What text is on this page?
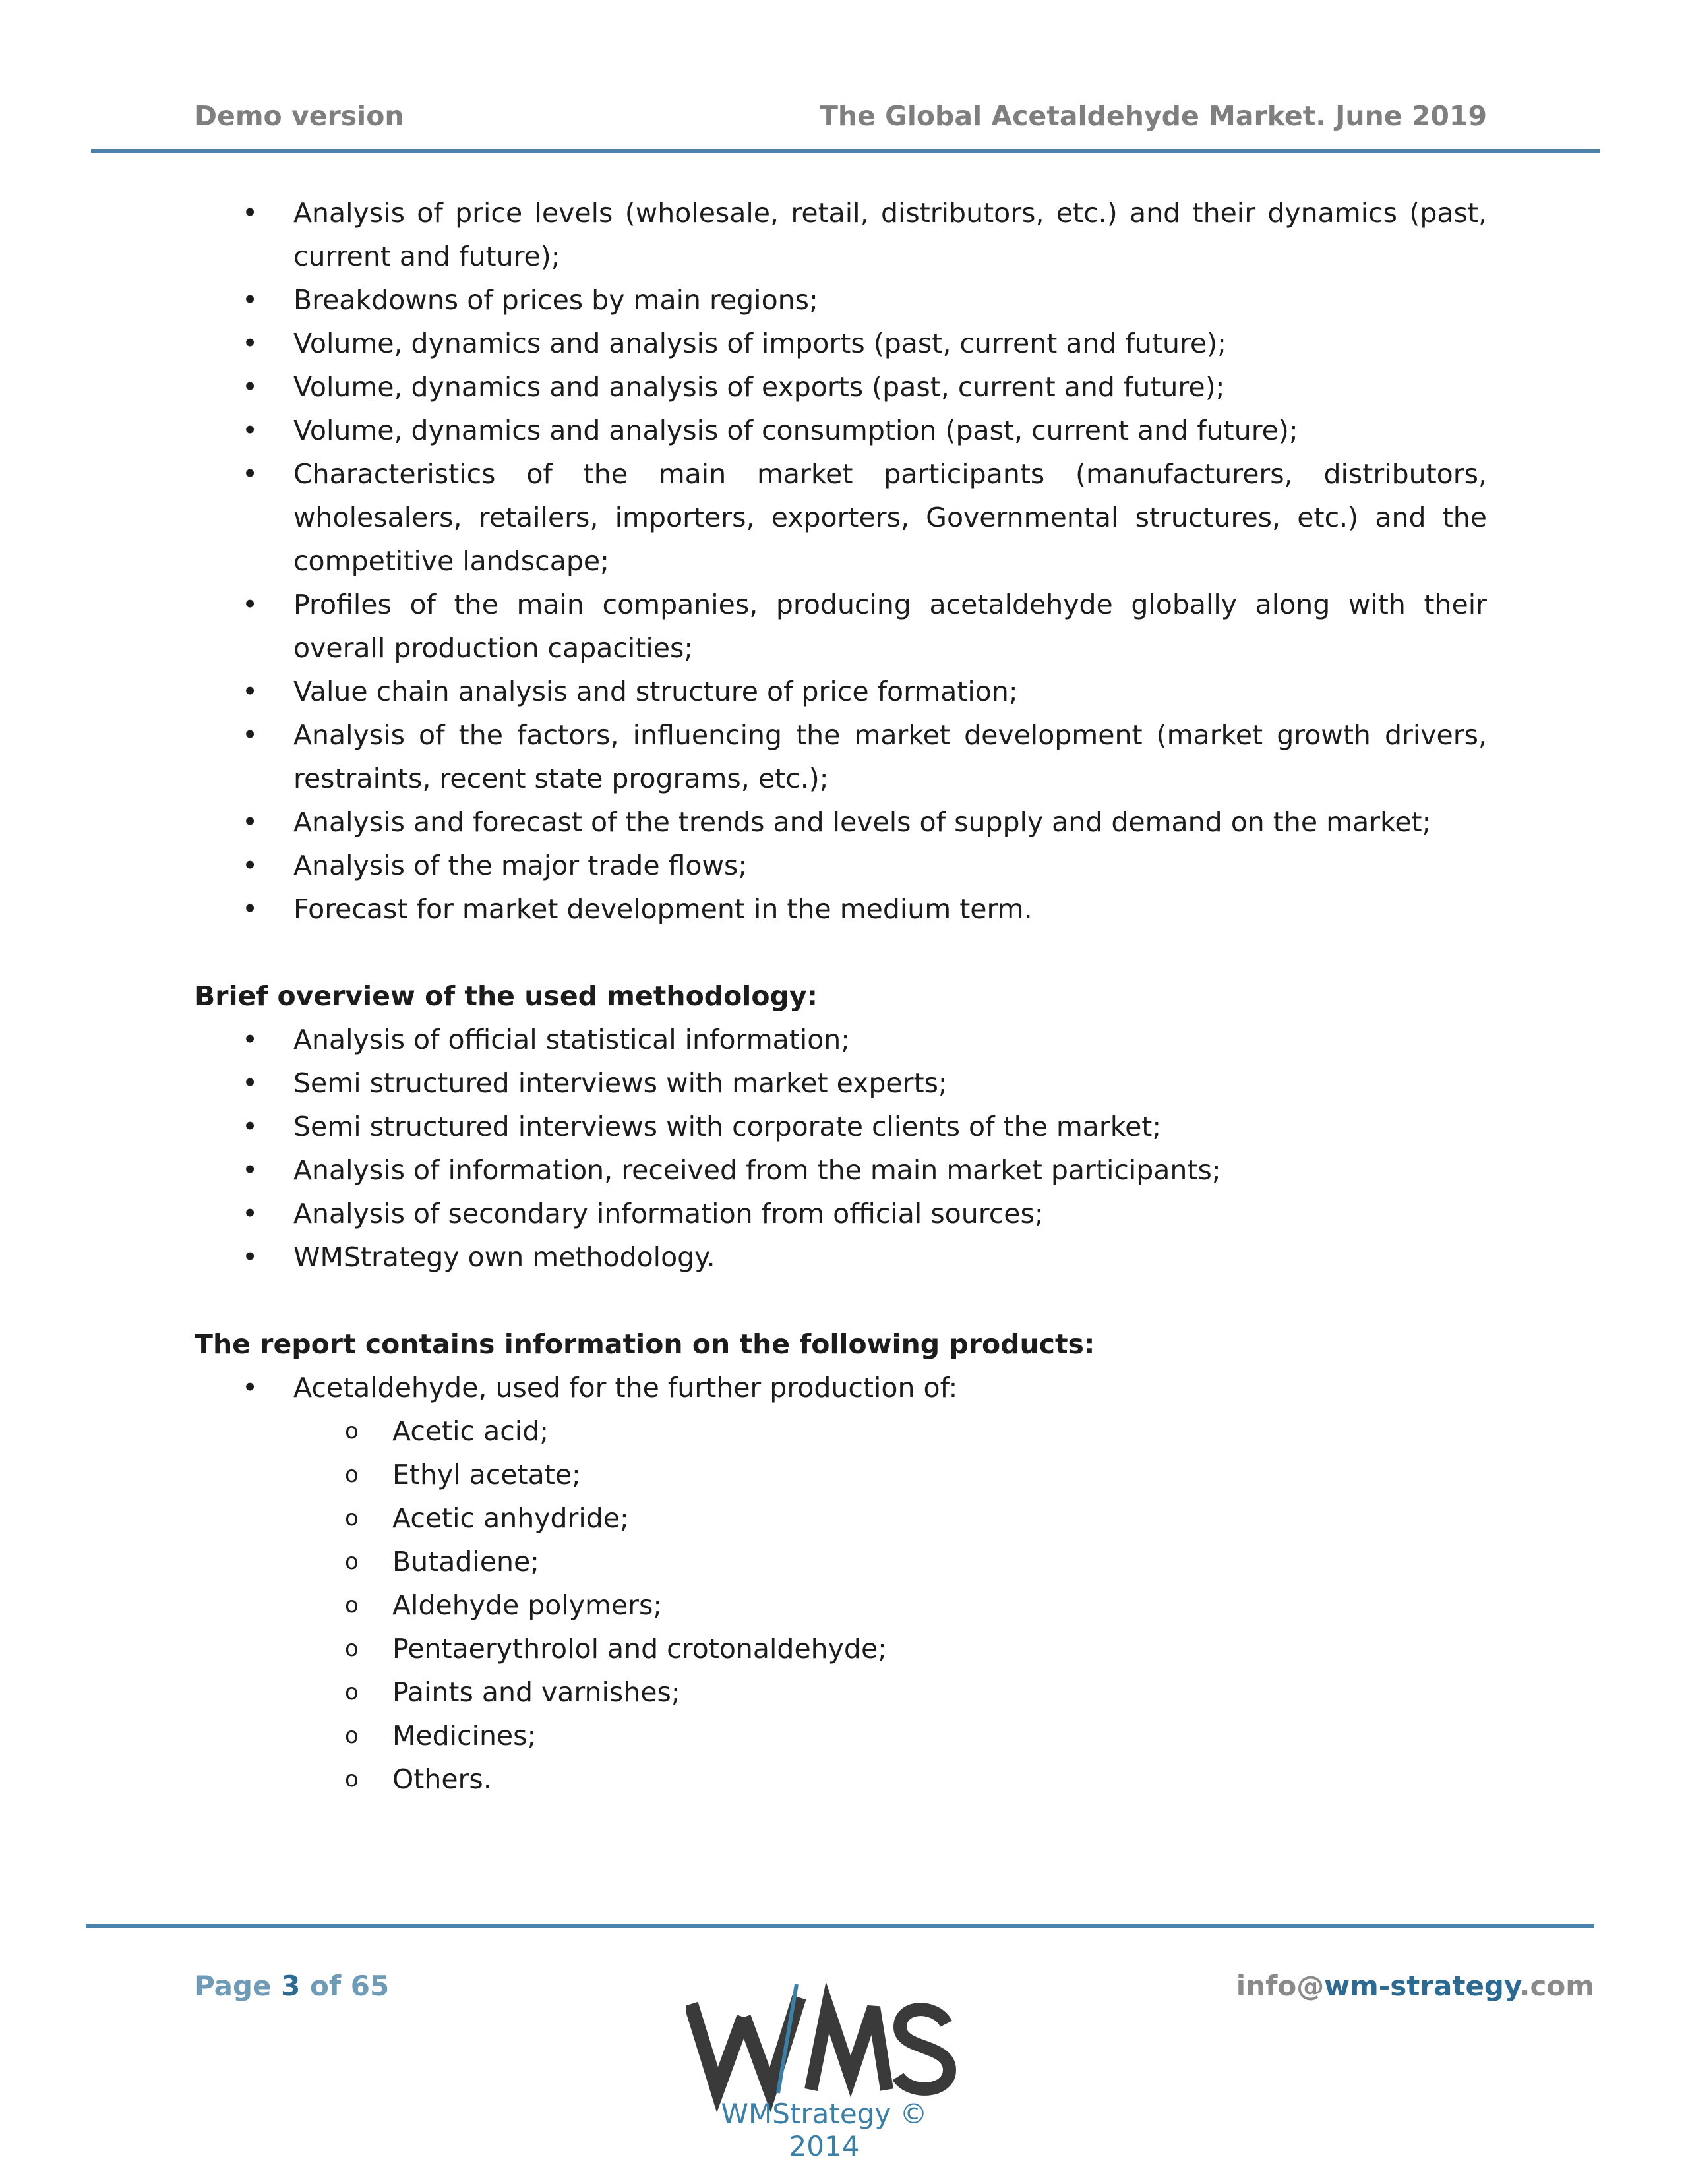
Demo version	The Global Acetaldehyde Market. June 2019
• Analysis of price levels (wholesale, retail, distributors, etc.) and their dynamics (past, current and future);
• Breakdowns of prices by main regions;
• Volume, dynamics and analysis of imports (past, current and future);
• Volume, dynamics and analysis of exports (past, current and future);
• Volume, dynamics and analysis of consumption (past, current and future);
• Characteristics of the main market participants (manufacturers, distributors, wholesalers, retailers, importers, exporters, Governmental structures, etc.) and the competitive landscape;
• Profiles of the main companies, producing acetaldehyde globally along with their overall production capacities;
• Value chain analysis and structure of price formation;
• Analysis of the factors, influencing the market development (market growth drivers, restraints, recent state programs, etc.);
• Analysis and forecast of the trends and levels of supply and demand on the market;
• Analysis of the major trade flows;
• Forecast for market development in the medium term.
Brief overview of the used methodology:
• Analysis of official statistical information;
• Semi structured interviews with market experts;
• Semi structured interviews with corporate clients of the market;
• Analysis of information, received from the main market participants;
• Analysis of secondary information from official sources;
• WMStrategy own methodology.
The report contains information on the following products:
• Acetaldehyde, used for the further production of:
o Acetic acid;
o Ethyl acetate;
o Acetic anhydride;
o Butadiene;
o Aldehyde polymers;
o Pentaerythrolol and crotonaldehyde;
o Paints and varnishes;
o Medicines;
o Others.
Page 3 of 65	info@wm-strategy.com
WMStrategy © 2014
